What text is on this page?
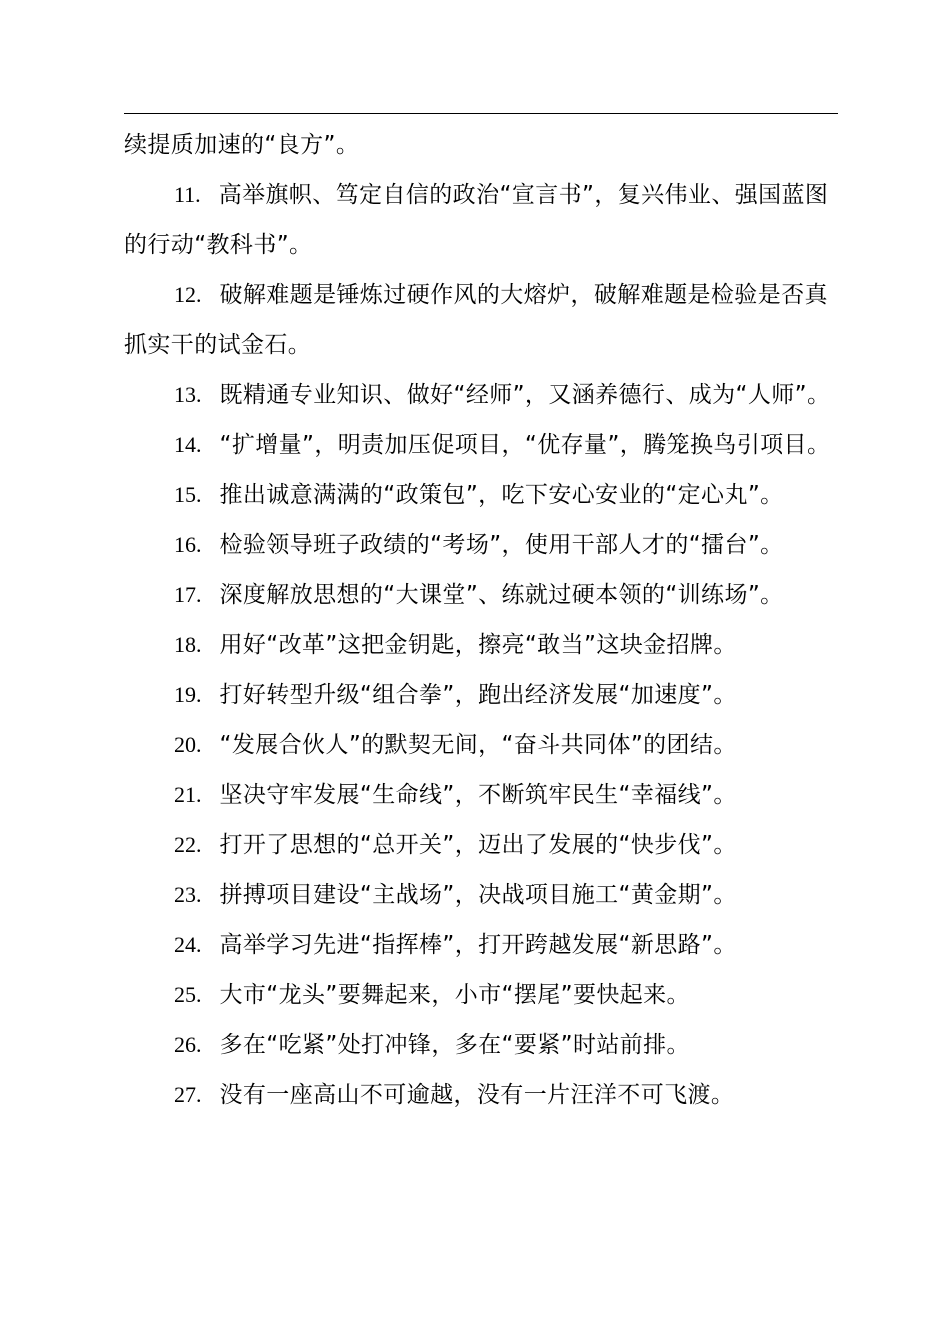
续提质加速的“良方”。

11. 高举旗帜、笃定自信的政治“宣言书”，复兴伟业、强国蓝图的行动“教科书”。

12. 破解难题是锤炼过硬作风的大熔炉，破解难题是检验是否真抓实干的试金石。

13. 既精通专业知识、做好“经师”，又涵养德行、成为“人师”。

14. “扩增量”，明责加压促项目，“优存量”，腾笼换鸟引项目。

15. 推出诚意满满的“政策包”，吃下安心安业的“定心丸”。

16. 检验领导班子政绩的“考场”，使用干部人才的“擂台”。

17. 深度解放思想的“大课堂”、练就过硬本领的“训练场”。

18. 用好“改革”这把金钥匙，擦亮“敢当”这块金招牌。

19. 打好转型升级“组合拳”，跑出经济发展“加速度”。

20. “发展合伙人”的默契无间，“奋斗共同体”的团结。

21. 坚决守牢发展“生命线”，不断筑牢民生“幸福线”。

22. 打开了思想的“总开关”，迈出了发展的“快步伐”。

23. 拼搏项目建设“主战场”，决战项目施工“黄金期”。

24. 高举学习先进“指挥棒”，打开跨越发展“新思路”。

25. 大市“龙头”要舞起来，小市“摆尾”要快起来。

26. 多在“吃紧”处打冲锋，多在“要紧”时站前排。

27. 没有一座高山不可逾越，没有一片汪洋不可飞渡。
